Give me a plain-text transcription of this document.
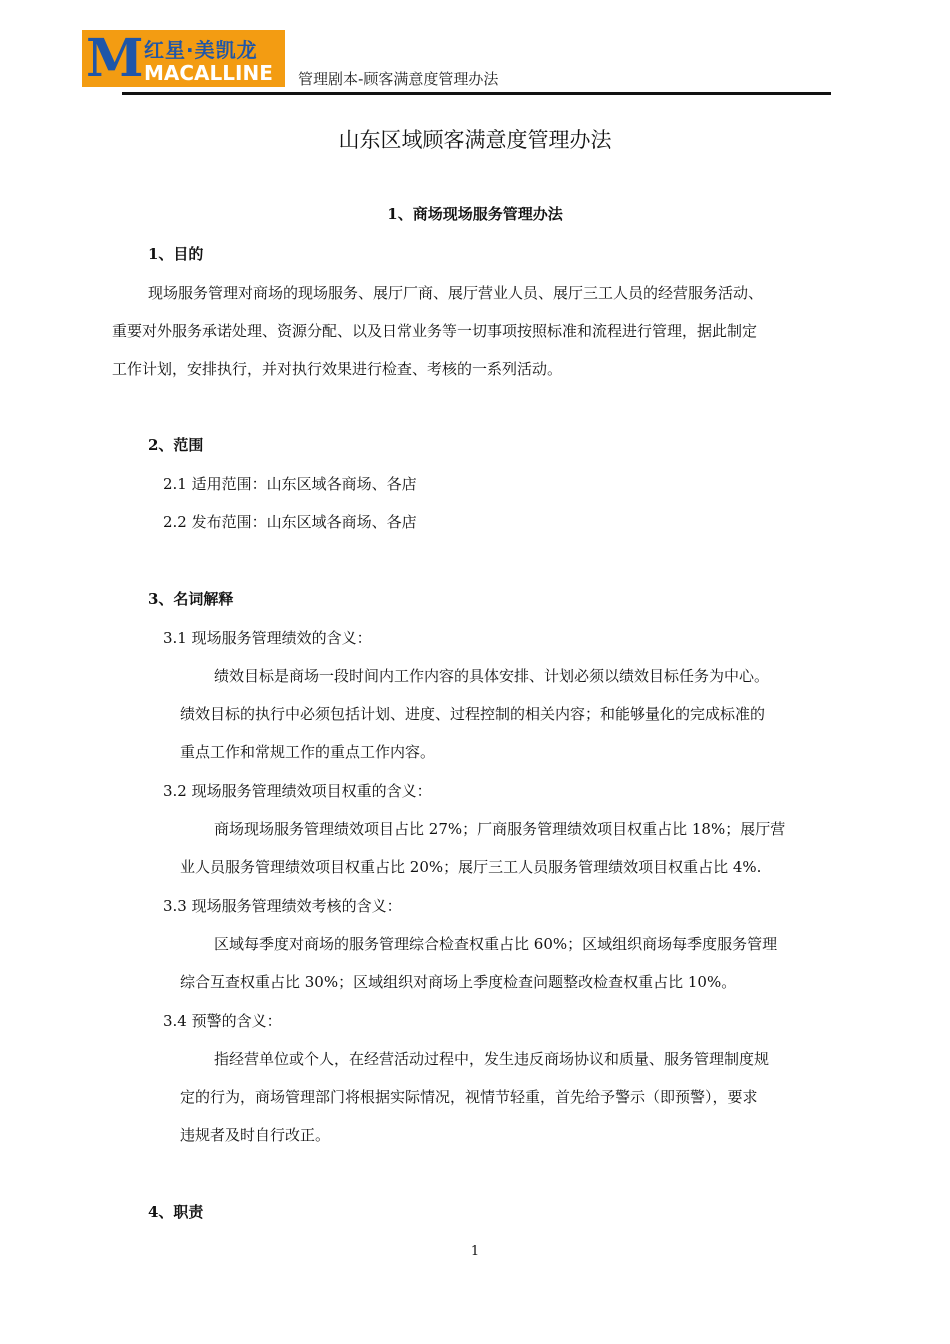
M 红星·美凯龙
MACALLINE 管理剧本-顾客满意度管理办法
山东区域顾客满意度管理办法
1、商场现场服务管理办法
1、目的
现场服务管理对商场的现场服务、展厅厂商、展厅营业人员、展厅三工人员的经营服务活动、
重要对外服务承诺处理、资源分配、以及日常业务等一切事项按照标准和流程进行管理，据此制定
工作计划，安排执行，并对执行效果进行检查、考核的一系列活动。
2、范围
2.1 适用范围：山东区域各商场、各店
2.2 发布范围：山东区域各商场、各店
3、名词解释
3.1 现场服务管理绩效的含义：
绩效目标是商场一段时间内工作内容的具体安排、计划必须以绩效目标任务为中心。
绩效目标的执行中必须包括计划、进度、过程控制的相关内容；和能够量化的完成标准的
重点工作和常规工作的重点工作内容。
3.2 现场服务管理绩效项目权重的含义：
商场现场服务管理绩效项目占比 27%；厂商服务管理绩效项目权重占比 18%；展厅营
业人员服务管理绩效项目权重占比 20%；展厅三工人员服务管理绩效项目权重占比 4%.
3.3 现场服务管理绩效考核的含义：
区域每季度对商场的服务管理综合检查权重占比 60%；区域组织商场每季度服务管理
综合互查权重占比 30%；区域组织对商场上季度检查问题整改检查权重占比 10%。
3.4 预警的含义：
指经营单位或个人，在经营活动过程中，发生违反商场协议和质量、服务管理制度规
定的行为，商场管理部门将根据实际情况，视情节轻重，首先给予警示（即预警），要求
违规者及时自行改正。
4、职责
1
